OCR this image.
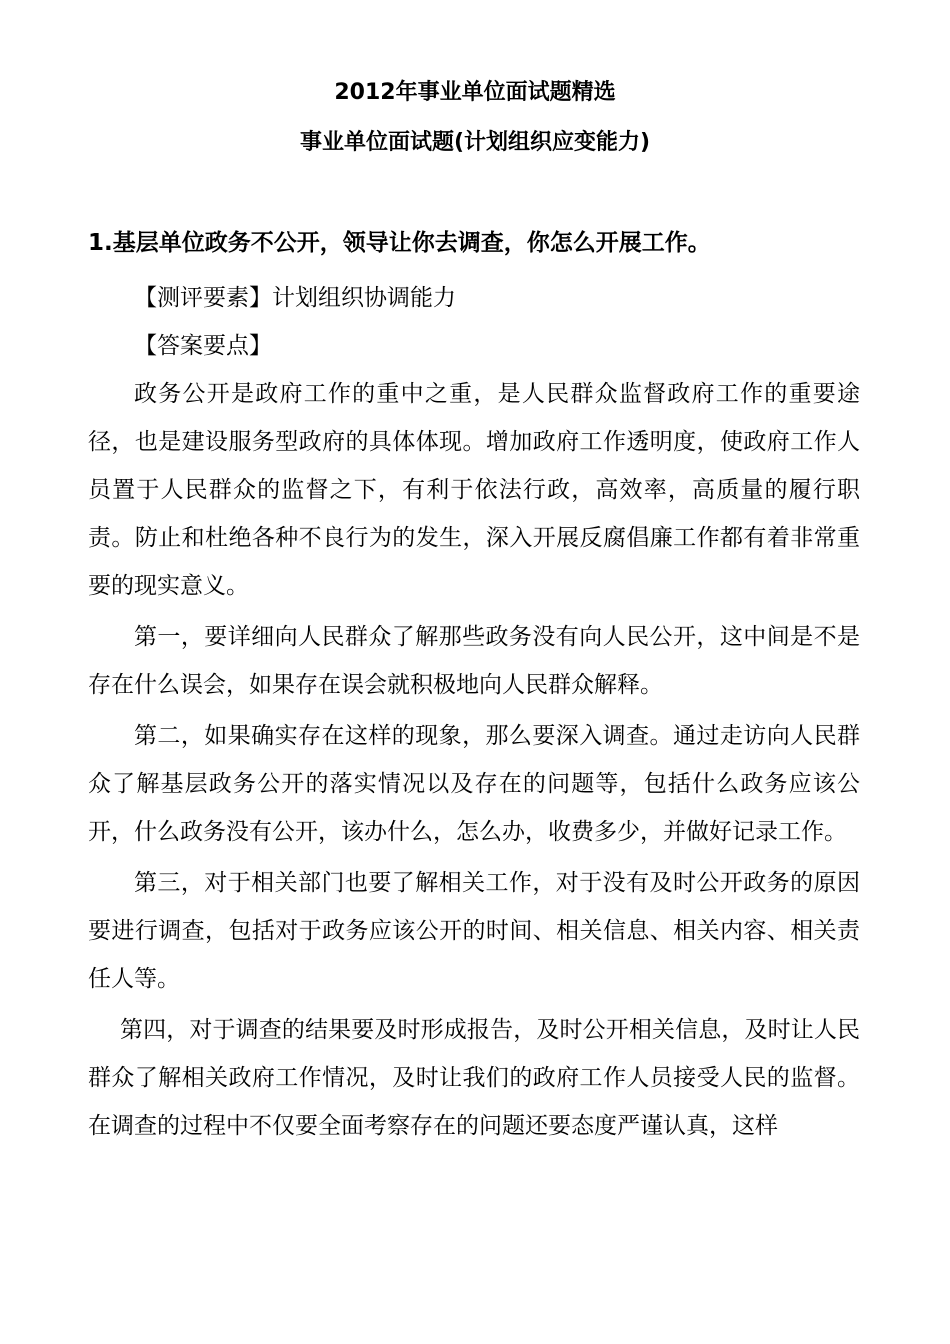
2012年事业单位面试题精选
事业单位面试题(计划组织应变能力)

1.基层单位政务不公开，领导让你去调查，你怎么开展工作。

【测评要素】计划组织协调能力

【答案要点】

政务公开是政府工作的重中之重，是人民群众监督政府工作的重要途径，也是建设服务型政府的具体体现。增加政府工作透明度，使政府工作人员置于人民群众的监督之下，有利于依法行政，高效率，高质量的履行职责。防止和杜绝各种不良行为的发生，深入开展反腐倡廉工作都有着非常重要的现实意义。

第一，要详细向人民群众了解那些政务没有向人民公开，这中间是不是存在什么误会，如果存在误会就积极地向人民群众解释。

第二，如果确实存在这样的现象，那么要深入调查。通过走访向人民群众了解基层政务公开的落实情况以及存在的问题等，包括什么政务应该公开，什么政务没有公开，该办什么，怎么办，收费多少，并做好记录工作。

第三，对于相关部门也要了解相关工作，对于没有及时公开政务的原因要进行调查，包括对于政务应该公开的时间、相关信息、相关内容、相关责任人等。

第四，对于调查的结果要及时形成报告，及时公开相关信息，及时让人民群众了解相关政府工作情况，及时让我们的政府工作人员接受人民的监督。在调查的过程中不仅要全面考察存在的问题还要态度严谨认真，这样
